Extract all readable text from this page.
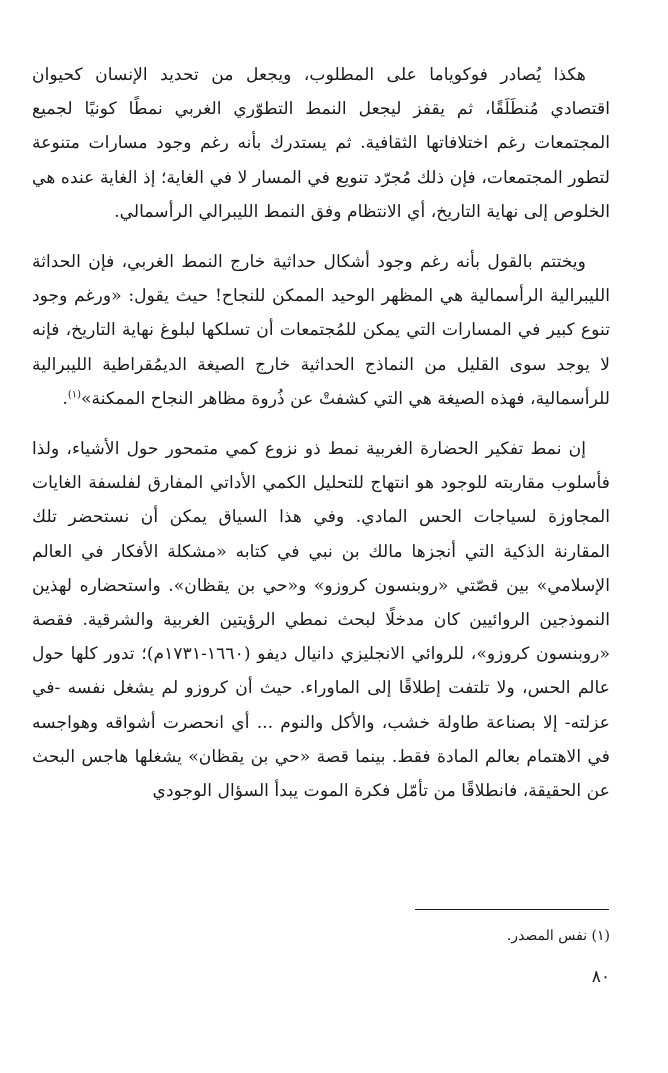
هكذا يُصادر فوكوياما على المطلوب، ويجعل من تحديد الإنسان كحيوان اقتصادي مُنطَلَقًا، ثم يقفز ليجعل النمط التطوّري الغربي نمطًا كونيًا لجميع المجتمعات رغم اختلافاتها الثقافية. ثم يستدرك بأنه رغم وجود مسارات متنوعة لتطور المجتمعات، فإن ذلك مُجرّد تنويع في المسار لا في الغاية؛ إذ الغاية عنده هي الخلوص إلى نهاية التاريخ، أي الانتظام وفق النمط الليبرالي الرأسمالي.

ويختتم بالقول بأنه رغم وجود أشكال حداثية خارج النمط الغربي، فإن الحداثة الليبرالية الرأسمالية هي المظهر الوحيد الممكن للنجاح! حيث يقول: «ورغم وجود تنوع كبير في المسارات التي يمكن للمُجتمعات أن تسلكها لبلوغ نهاية التاريخ، فإنه لا يوجد سوى القليل من النماذج الحداثية خارج الصيغة الديمُقراطية الليبرالية للرأسمالية، فهذه الصيغة هي التي كشفتْ عن ذُروة مظاهر النجاح الممكنة»$^{(١)}$.

إن نمط تفكير الحضارة الغربية نمط ذو نزوع كمي متمحور حول الأشياء، ولذا فأسلوب مقاربته للوجود هو انتهاج للتحليل الكمي الأداتي المفارق لفلسفة الغايات المجاوزة لسياجات الحس المادي. وفي هذا السياق يمكن أن نستحضر تلك المقارنة الذكية التي أنجزها مالك بن نبي في كتابه «مشكلة الأفكار في العالم الإسلامي» بين قصّتي «روبنسون كروزو» و«حي بن يقظان». واستحضاره لهذين النموذجين الروائيين كان مدخلًا لبحث نمطي الرؤيتين الغربية والشرقية. فقصة «روبنسون كروزو»، للروائي الانجليزي دانيال ديفو (١٦٦٠-١٧٣١م)؛ تدور كلها حول عالم الحس، ولا تلتفت إطلاقًا إلى الماوراء. حيث أن كروزو لم يشغل نفسه -في عزلته- إلا بصناعة طاولة خشب، والأكل والنوم ... أي انحصرت أشواقه وهواجسه في الاهتمام بعالم المادة فقط. بينما قصة «حي بن يقظان» يشغلها هاجس البحث عن الحقيقة، فانطلاقًا من تأمّل فكرة الموت يبدأ السؤال الوجودي

(١) نفس المصدر.
٨٠
